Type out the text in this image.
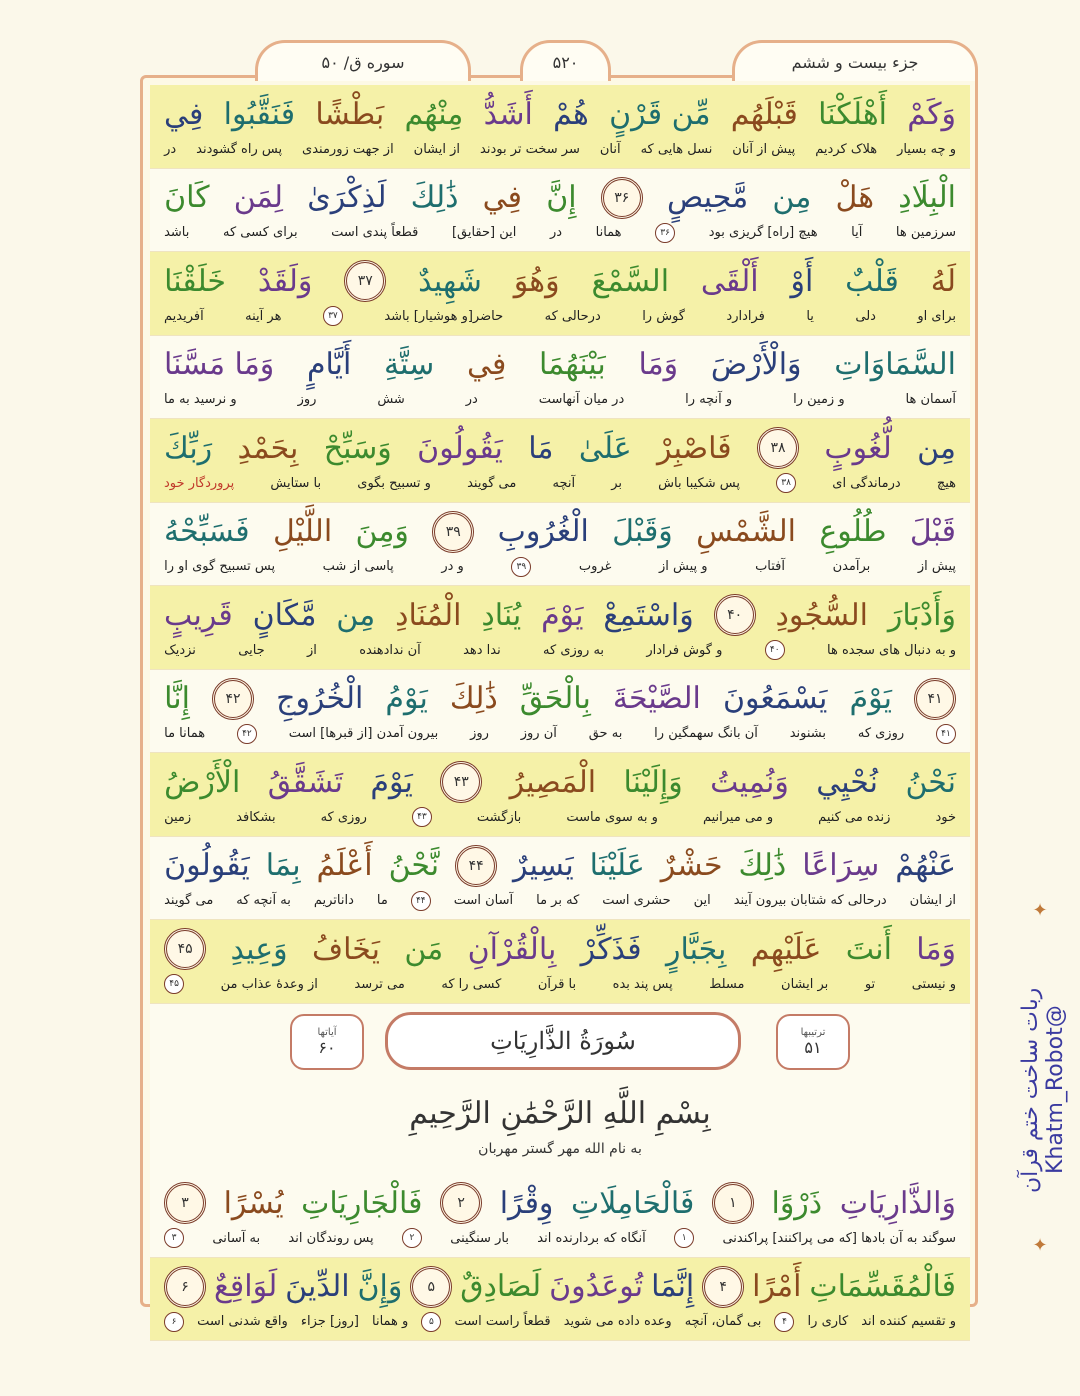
جزء بیست و ششم
۵۲۰
سوره ق/ ۵۰
وَكَمْ
أَهْلَكْنَا
قَبْلَهُم
مِّن قَرْنٍ
هُمْ
أَشَدُّ
مِنْهُم
بَطْشًا
فَنَقَّبُوا
فِي
و چه بسیار
هلاک کردیم
پیش از آنان
نسل هایی که
آنان
سر سخت تر بودند
از ایشان
از جهت زورمندی
پس راه گشودند
در
الْبِلَادِ
هَلْ
مِن
مَّحِيصٍ
۳۶
إِنَّ
فِي
ذَٰلِكَ
لَذِكْرَىٰ
لِمَن
كَانَ
سرزمین ها
آیا
هیچ [راه] گریزی بود
۳۶
همانا
در
این [حقایق]
قطعاً پندی است
برای کسی که
باشد
لَهُ
قَلْبٌ
أَوْ
أَلْقَى
السَّمْعَ
وَهُوَ
شَهِيدٌ
۳۷
وَلَقَدْ
خَلَقْنَا
برای او
دلی
یا
فرادارد
گوش را
درحالی که
حاضر[و هوشیار] باشد
۳۷
هر آینه
آفریدیم
السَّمَاوَاتِ
وَالْأَرْضَ
وَمَا
بَيْنَهُمَا
فِي
سِتَّةِ
أَيَّامٍ
وَمَا مَسَّنَا
آسمان ها
و زمین را
و آنچه را
در میان آنهاست
در
شش
روز
و نرسید به ما
مِن
لُّغُوبٍ
۳۸
فَاصْبِرْ
عَلَىٰ
مَا
يَقُولُونَ
وَسَبِّحْ
بِحَمْدِ
رَبِّكَ
هیچ
درماندگی ای
۳۸
پس شکیبا باش
بر
آنچه
می گویند
و تسبیح بگوی
با ستایش
پروردگار خود
قَبْلَ
طُلُوعِ
الشَّمْسِ
وَقَبْلَ
الْغُرُوبِ
۳۹
وَمِنَ
اللَّيْلِ
فَسَبِّحْهُ
پیش از
برآمدن
آفتاب
و پیش از
غروب
۳۹
و در
پاسی از شب
پس تسبیح گوی او را
وَأَدْبَارَ
السُّجُودِ
۴۰
وَاسْتَمِعْ
يَوْمَ
يُنَادِ
الْمُنَادِ
مِن
مَّكَانٍ
قَرِيبٍ
و به دنبال های سجده ها
۴۰
و گوش فرادار
به روزی که
ندا دهد
آن ندادهنده
از
جایی
نزدیک
۴۱
يَوْمَ
يَسْمَعُونَ
الصَّيْحَةَ
بِالْحَقِّ
ذَٰلِكَ
يَوْمُ
الْخُرُوجِ
۴۲
إِنَّا
۴۱
روزی که
بشنوند
آن بانگ سهمگین را
به حق
آن روز
روز
بیرون آمدن [از قبرها] است
۴۲
همانا ما
نَحْنُ
نُحْيِي
وَنُمِيتُ
وَإِلَيْنَا
الْمَصِيرُ
۴۳
يَوْمَ
تَشَقَّقُ
الْأَرْضُ
خود
زنده می کنیم
و می میرانیم
و به سوی ماست
بازگشت
۴۳
روزی که
بشکافد
زمین
عَنْهُمْ
سِرَاعًا
ذَٰلِكَ
حَشْرٌ
عَلَيْنَا
يَسِيرٌ
۴۴
نَّحْنُ
أَعْلَمُ
بِمَا
يَقُولُونَ
از ایشان
درحالی که شتابان بیرون آیند
این
حشری است
که بر ما
آسان است
۴۴
ما
داناتریم
به آنچه که
می گویند
وَمَا
أَنتَ
عَلَيْهِم
بِجَبَّارٍ
فَذَكِّرْ
بِالْقُرْآنِ
مَن
يَخَافُ
وَعِيدِ
۴۵
و نیستی
تو
بر ایشان
مسلط
پس پند بده
با قرآن
کسی را که
می ترسد
از وعدهٔ عذاب من
۴۵
ترتيبها
۵۱
سُورَةُ الذَّارِيَاتِ
آياتها
۶۰
بِسْمِ اللَّهِ الرَّحْمَٰنِ الرَّحِيمِ
به نام الله مهر گستر مهربان
وَالذَّارِيَاتِ
ذَرْوًا
۱
فَالْحَامِلَاتِ
وِقْرًا
۲
فَالْجَارِيَاتِ
يُسْرًا
۳
سوگند به آن بادها [که می پراکنند] پراکندنی
۱
آنگاه که بردارنده اند
بار سنگینی
۲
پس روندگان اند
به آسانی
۳
فَالْمُقَسِّمَاتِ
أَمْرًا
۴
إِنَّمَا
تُوعَدُونَ
لَصَادِقٌ
۵
وَإِنَّ
الدِّينَ
لَوَاقِعٌ
۶
و تقسیم کننده اند
کاری را
۴
بی گمان، آنچه
وعده داده می شوید
قطعاً راست است
۵
و همانا
[روز] جزاء
واقع شدنی است
۶
✦
ربات ساخت ختم قرآن @Khatm_Robot
✦
